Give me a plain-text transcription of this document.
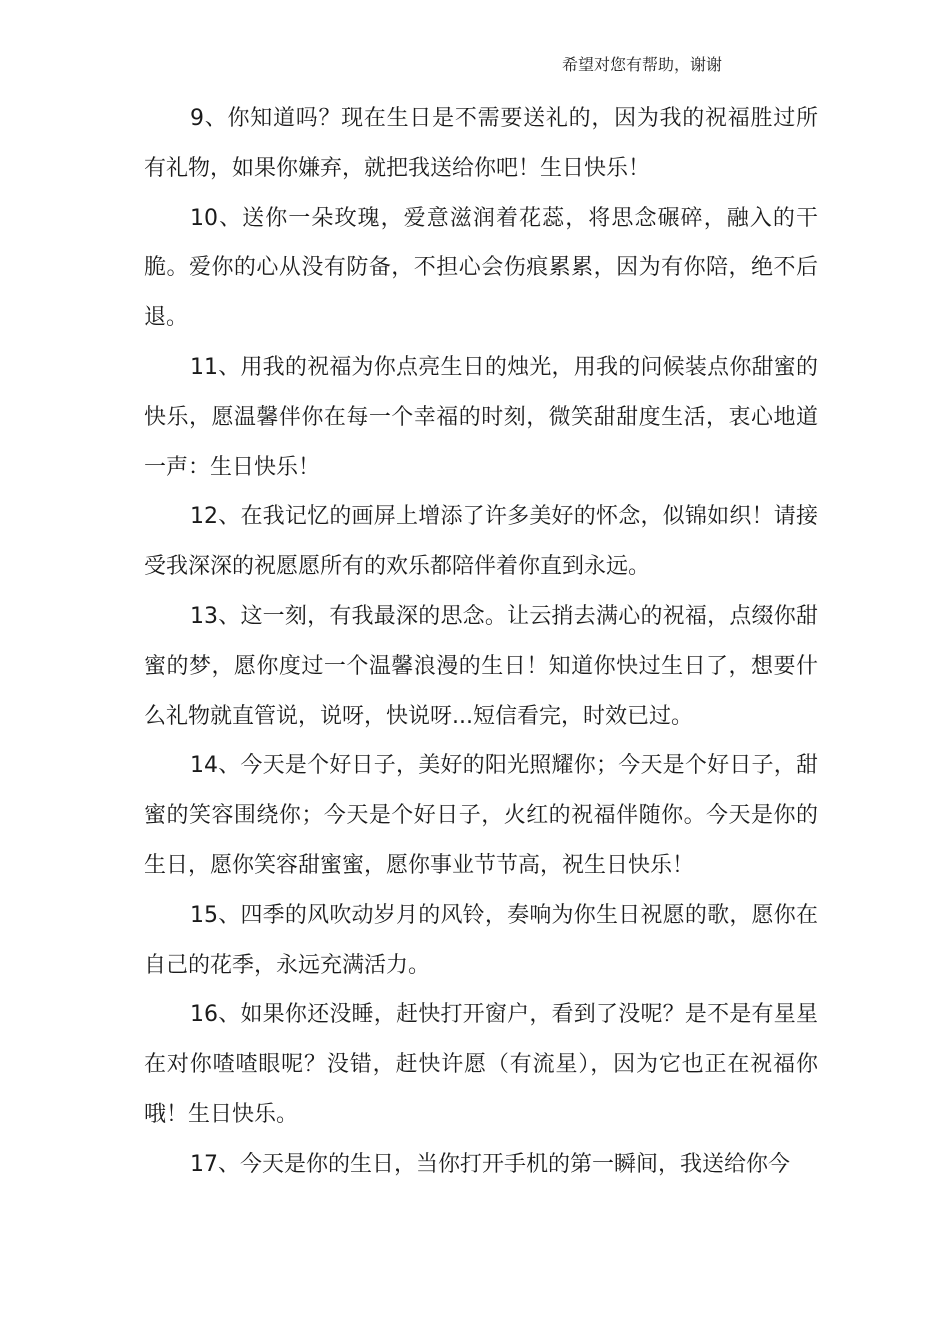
希望对您有帮助，谢谢

9、你知道吗？现在生日是不需要送礼的，因为我的祝福胜过所有礼物，如果你嫌弃，就把我送给你吧！生日快乐！

10、送你一朵玫瑰，爱意滋润着花蕊，将思念碾碎，融入的干脆。爱你的心从没有防备，不担心会伤痕累累，因为有你陪，绝不后退。

11、用我的祝福为你点亮生日的烛光，用我的问候装点你甜蜜的快乐，愿温馨伴你在每一个幸福的时刻，微笑甜甜度生活，衷心地道一声：生日快乐！

12、在我记忆的画屏上增添了许多美好的怀念，似锦如织！请接受我深深的祝愿愿所有的欢乐都陪伴着你直到永远。

13、这一刻，有我最深的思念。让云捎去满心的祝福，点缀你甜蜜的梦，愿你度过一个温馨浪漫的生日！知道你快过生日了，想要什么礼物就直管说，说呀，快说呀...短信看完，时效已过。

14、今天是个好日子，美好的阳光照耀你；今天是个好日子，甜蜜的笑容围绕你；今天是个好日子，火红的祝福伴随你。今天是你的生日，愿你笑容甜蜜蜜，愿你事业节节高，祝生日快乐！

15、四季的风吹动岁月的风铃，奏响为你生日祝愿的歌，愿你在自己的花季，永远充满活力。

16、如果你还没睡，赶快打开窗户，看到了没呢？是不是有星星在对你喳喳眼呢？没错，赶快许愿（有流星），因为它也正在祝福你哦！生日快乐。

17、今天是你的生日，当你打开手机的第一瞬间，我送给你今
